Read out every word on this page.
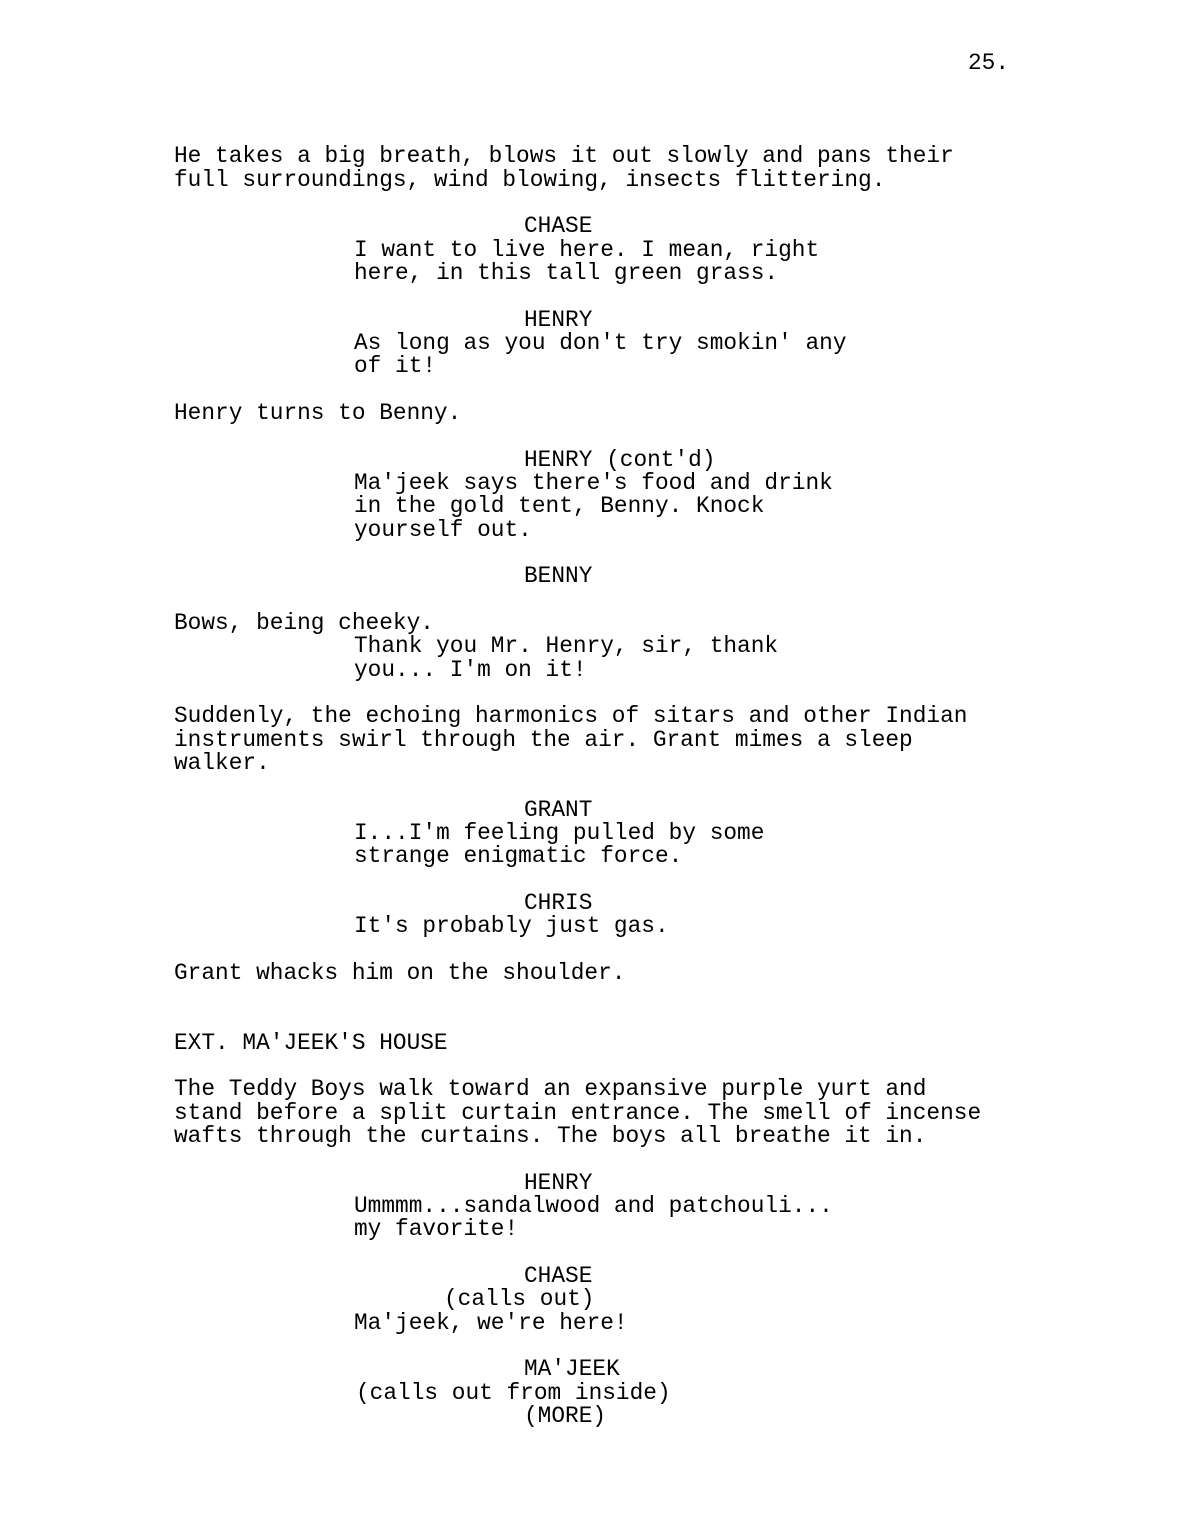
25.
He takes a big breath, blows it out slowly and pans their
full surroundings, wind blowing, insects flittering.

CHASE
I want to live here. I mean, right
here, in this tall green grass.

HENRY
As long as you don't try smokin' any
of it!

Henry turns to Benny.

HENRY (cont'd)
Ma'jeek says there's food and drink
in the gold tent, Benny. Knock
yourself out.

BENNY

Bows, being cheeky.
Thank you Mr. Henry, sir, thank
you... I'm on it!

Suddenly, the echoing harmonics of sitars and other Indian
instruments swirl through the air. Grant mimes a sleep
walker.

GRANT
I...I'm feeling pulled by some
strange enigmatic force.

CHRIS
It's probably just gas.

Grant whacks him on the shoulder.

EXT. MA'JEEK'S HOUSE

The Teddy Boys walk toward an expansive purple yurt and
stand before a split curtain entrance. The smell of incense
wafts through the curtains. The boys all breathe it in.

HENRY
Ummmm...sandalwood and patchouli...
my favorite!

CHASE
(calls out)
Ma'jeek, we're here!

MA'JEEK
(calls out from inside)
(MORE)
